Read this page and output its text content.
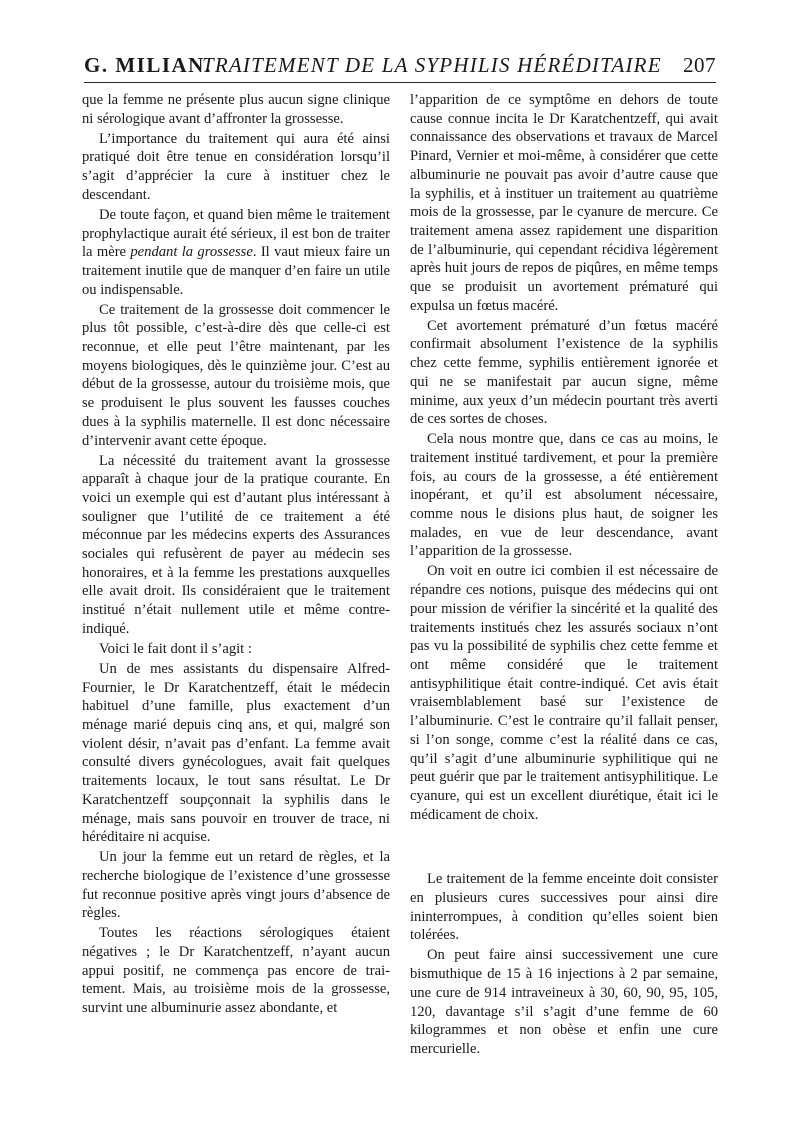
G. MILIAN.
TRAITEMENT DE LA SYPHILIS HÉRÉDITAIRE 207

que la femme ne présente plus aucun signe clinique ni sérologique avant d’affronter la grossesse.

L’importance du traitement qui aura été ainsi pratiqué doit être tenue en considération lorsqu’il s’agit d’apprécier la cure à instituer chez le descendant.

De toute façon, et quand bien même le traitement prophylactique aurait été sérieux, il est bon de traiter la mère pendant la grossesse. Il vaut mieux faire un traitement inutile que de manquer d’en faire un utile ou indispensable.

Ce traitement de la grossesse doit commencer le plus tôt possible, c’est-à-dire dès que celle-ci est reconnue, et elle peut l’être maintenant, par les moyens biologiques, dès le quinzième jour. C’est au début de la grossesse, autour du troisième mois, que se produisent le plus souvent les fausses couches dues à la syphilis maternelle. Il est donc nécessaire d’intervenir avant cette époque.

La nécessité du traitement avant la grossesse apparaît à chaque jour de la pratique courante. En voici un exemple qui est d’autant plus intéressant à souligner que l’utilité de ce traitement a été méconnue par les médecins experts des Assurances sociales qui refusèrent de payer au médecin ses honoraires, et à la femme les prestations auxquelles elle avait droit. Ils considéraient que le traitement institué n’était nullement utile et même contre-indiqué.

Voici le fait dont il s’agit :

Un de mes assistants du dispensaire Alfred-Fournier, le Dr Karatchentzeff, était le médecin habituel d’une famille, plus exactement d’un ménage marié depuis cinq ans, et qui, malgré son violent désir, n’avait pas d’enfant. La femme avait consulté divers gynécologues, avait fait quelques traitements locaux, le tout sans résultat. Le Dr Karatchentzeff soupçonnait la syphilis dans le ménage, mais sans pouvoir en trouver de trace, ni héréditaire ni acquise.

Un jour la femme eut un retard de règles, et la recherche biologique de l’existence d’une grossesse fut reconnue positive après vingt jours d’absence de règles.

Toutes les réactions sérologiques étaient négatives ; le Dr Karatchentzeff, n’ayant aucun appui positif, ne commença pas encore de traitement. Mais, au troisième mois de la grossesse, survint une albuminurie assez abondante, et

l’apparition de ce symptôme en dehors de toute cause connue incita le Dr Karatchentzeff, qui avait connaissance des observations et travaux de Marcel Pinard, Vernier et moi-même, à considérer que cette albuminurie ne pouvait pas avoir d’autre cause que la syphilis, et à instituer un traitement au quatrième mois de la grossesse, par le cyanure de mercure. Ce traitement amena assez rapidement une disparition de l’albuminurie, qui cependant récidiva légèrement après huit jours de repos de piqûres, en même temps que se produisit un avortement prématuré qui expulsa un fœtus macéré.

Cet avortement prématuré d’un fœtus macéré confirmait absolument l’existence de la syphilis chez cette femme, syphilis entièrement ignorée et qui ne se manifestait par aucun signe, même minime, aux yeux d’un médecin pourtant très averti de ces sortes de choses.

Cela nous montre que, dans ce cas au moins, le traitement institué tardivement, et pour la première fois, au cours de la grossesse, a été entièrement inopérant, et qu’il est absolument nécessaire, comme nous le disions plus haut, de soigner les malades, en vue de leur descendance, avant l’apparition de la grossesse.

On voit en outre ici combien il est nécessaire de répandre ces notions, puisque des médecins qui ont pour mission de vérifier la sincérité et la qualité des traitements institués chez les assurés sociaux n’ont pas vu la possibilité de syphilis chez cette femme et ont même considéré que le traitement antisyphilitique était contre-indiqué. Cet avis était vraisemblablement basé sur l’existence de l’albuminurie. C’est le contraire qu’il fallait penser, si l’on songe, comme c’est la réalité dans ce cas, qu’il s’agit d’une albuminurie syphilitique qui ne peut guérir que par le traitement antisyphilitique. Le cyanure, qui est un excellent diurétique, était ici le médicament de choix.

Le traitement de la femme enceinte doit consister en plusieurs cures successives pour ainsi dire ininterrompues, à condition qu’elles soient bien tolérées.

On peut faire ainsi successivement une cure bismuthique de 15 à 16 injections à 2 par semaine, une cure de 914 intraveineux à 30, 60, 90, 95, 105, 120, davantage s’il s’agit d’une femme de 60 kilogrammes et non obèse et enfin une cure mercurielle.
